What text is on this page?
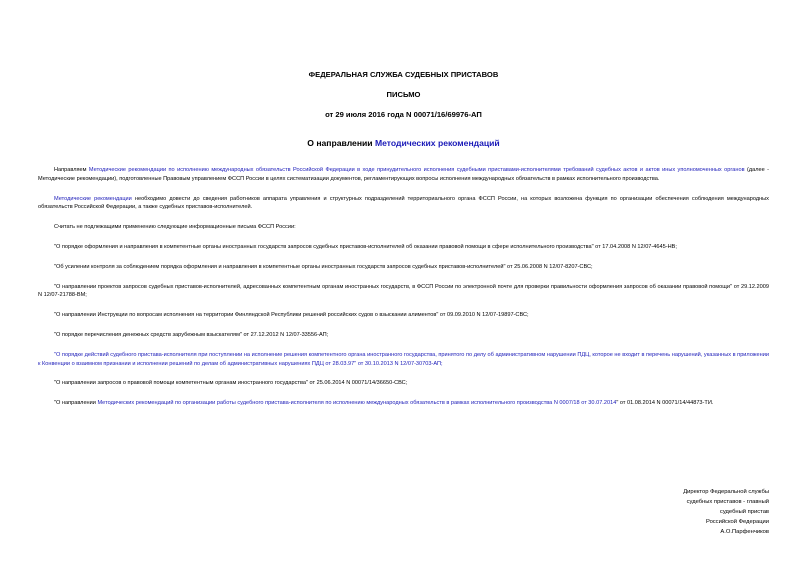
ФЕДЕРАЛЬНАЯ СЛУЖБА СУДЕБНЫХ ПРИСТАВОВ
ПИСЬМО
от 29 июля 2016 года N 00071/16/69976-АП
О направлении Методических рекомендаций

Направляем Методические рекомендации по исполнению международных обязательств Российской Федерации в ходе принудительного исполнения судебными приставами-исполнителями требований судебных актов и актов иных уполномоченных органов (далее - Методические рекомендации), подготовленные Правовым управлением ФССП России в целях систематизации документов, регламентирующих вопросы исполнения международных обязательств в рамках исполнительного производства.

Методические рекомендации необходимо довести до сведения работников аппарата управления и структурных подразделений территориального органа ФССП России, на которых возложена функция по организации обеспечения соблюдения международных обязательств Российской Федерации, а также судебных приставов-исполнителей.

Считать не подлежащими применению следующие информационные письма ФССП России:

"О порядке оформления и направления в компетентные органы иностранных государств запросов судебных приставов-исполнителей об оказании правовой помощи в сфере исполнительного производства" от 17.04.2008 N 12/07-4645-НВ;

"Об усилении контроля за соблюдением порядка оформления и направления в компетентные органы иностранных государств запросов судебных приставов-исполнителей" от 25.06.2008 N 12/07-8207-СВС;

"О направлении проектов запросов судебных приставов-исполнителей, адресованных компетентным органам иностранных государств, в ФССП России по электронной почте для проверки правильности оформления запросов об оказании правовой помощи" от 29.12.2009 N 12/07-21788-ВМ;

"О направлении Инструкции по вопросам исполнения на территории Финляндской Республики решений российских судов о взыскании алиментов" от 09.09.2010 N 12/07-19897-СВС;

"О порядке перечисления денежных средств зарубежным взыскателям" от 27.12.2012 N 12/07-33556-АП;

"О порядке действий судебного пристава-исполнителя при поступлении на исполнение решения компетентного органа иностранного государства, принятого по делу об административном нарушении ПДЦ, которое не входит в перечень нарушений, указанных в приложении к Конвенции о взаимном признании и исполнении решений по делам об административных нарушениях ПДЦ от 28.03.97" от 30.10.2013 N 12/07-30703-АП;

"О направлении запросов о правовой помощи компетентным органам иностранного государства" от 25.06.2014 N 00071/14/36650-СВС;

"О направлении Методических рекомендаций по организации работы судебного пристава-исполнителя по исполнению международных обязательств в рамках исполнительного производства N 0007/18 от 30.07.2014" от 01.08.2014 N 00071/14/44873-ТИ.

Директор Федеральной службы
судебных приставов - главный
судебный пристав
Российской Федерации
А.О.Парфенчиков
